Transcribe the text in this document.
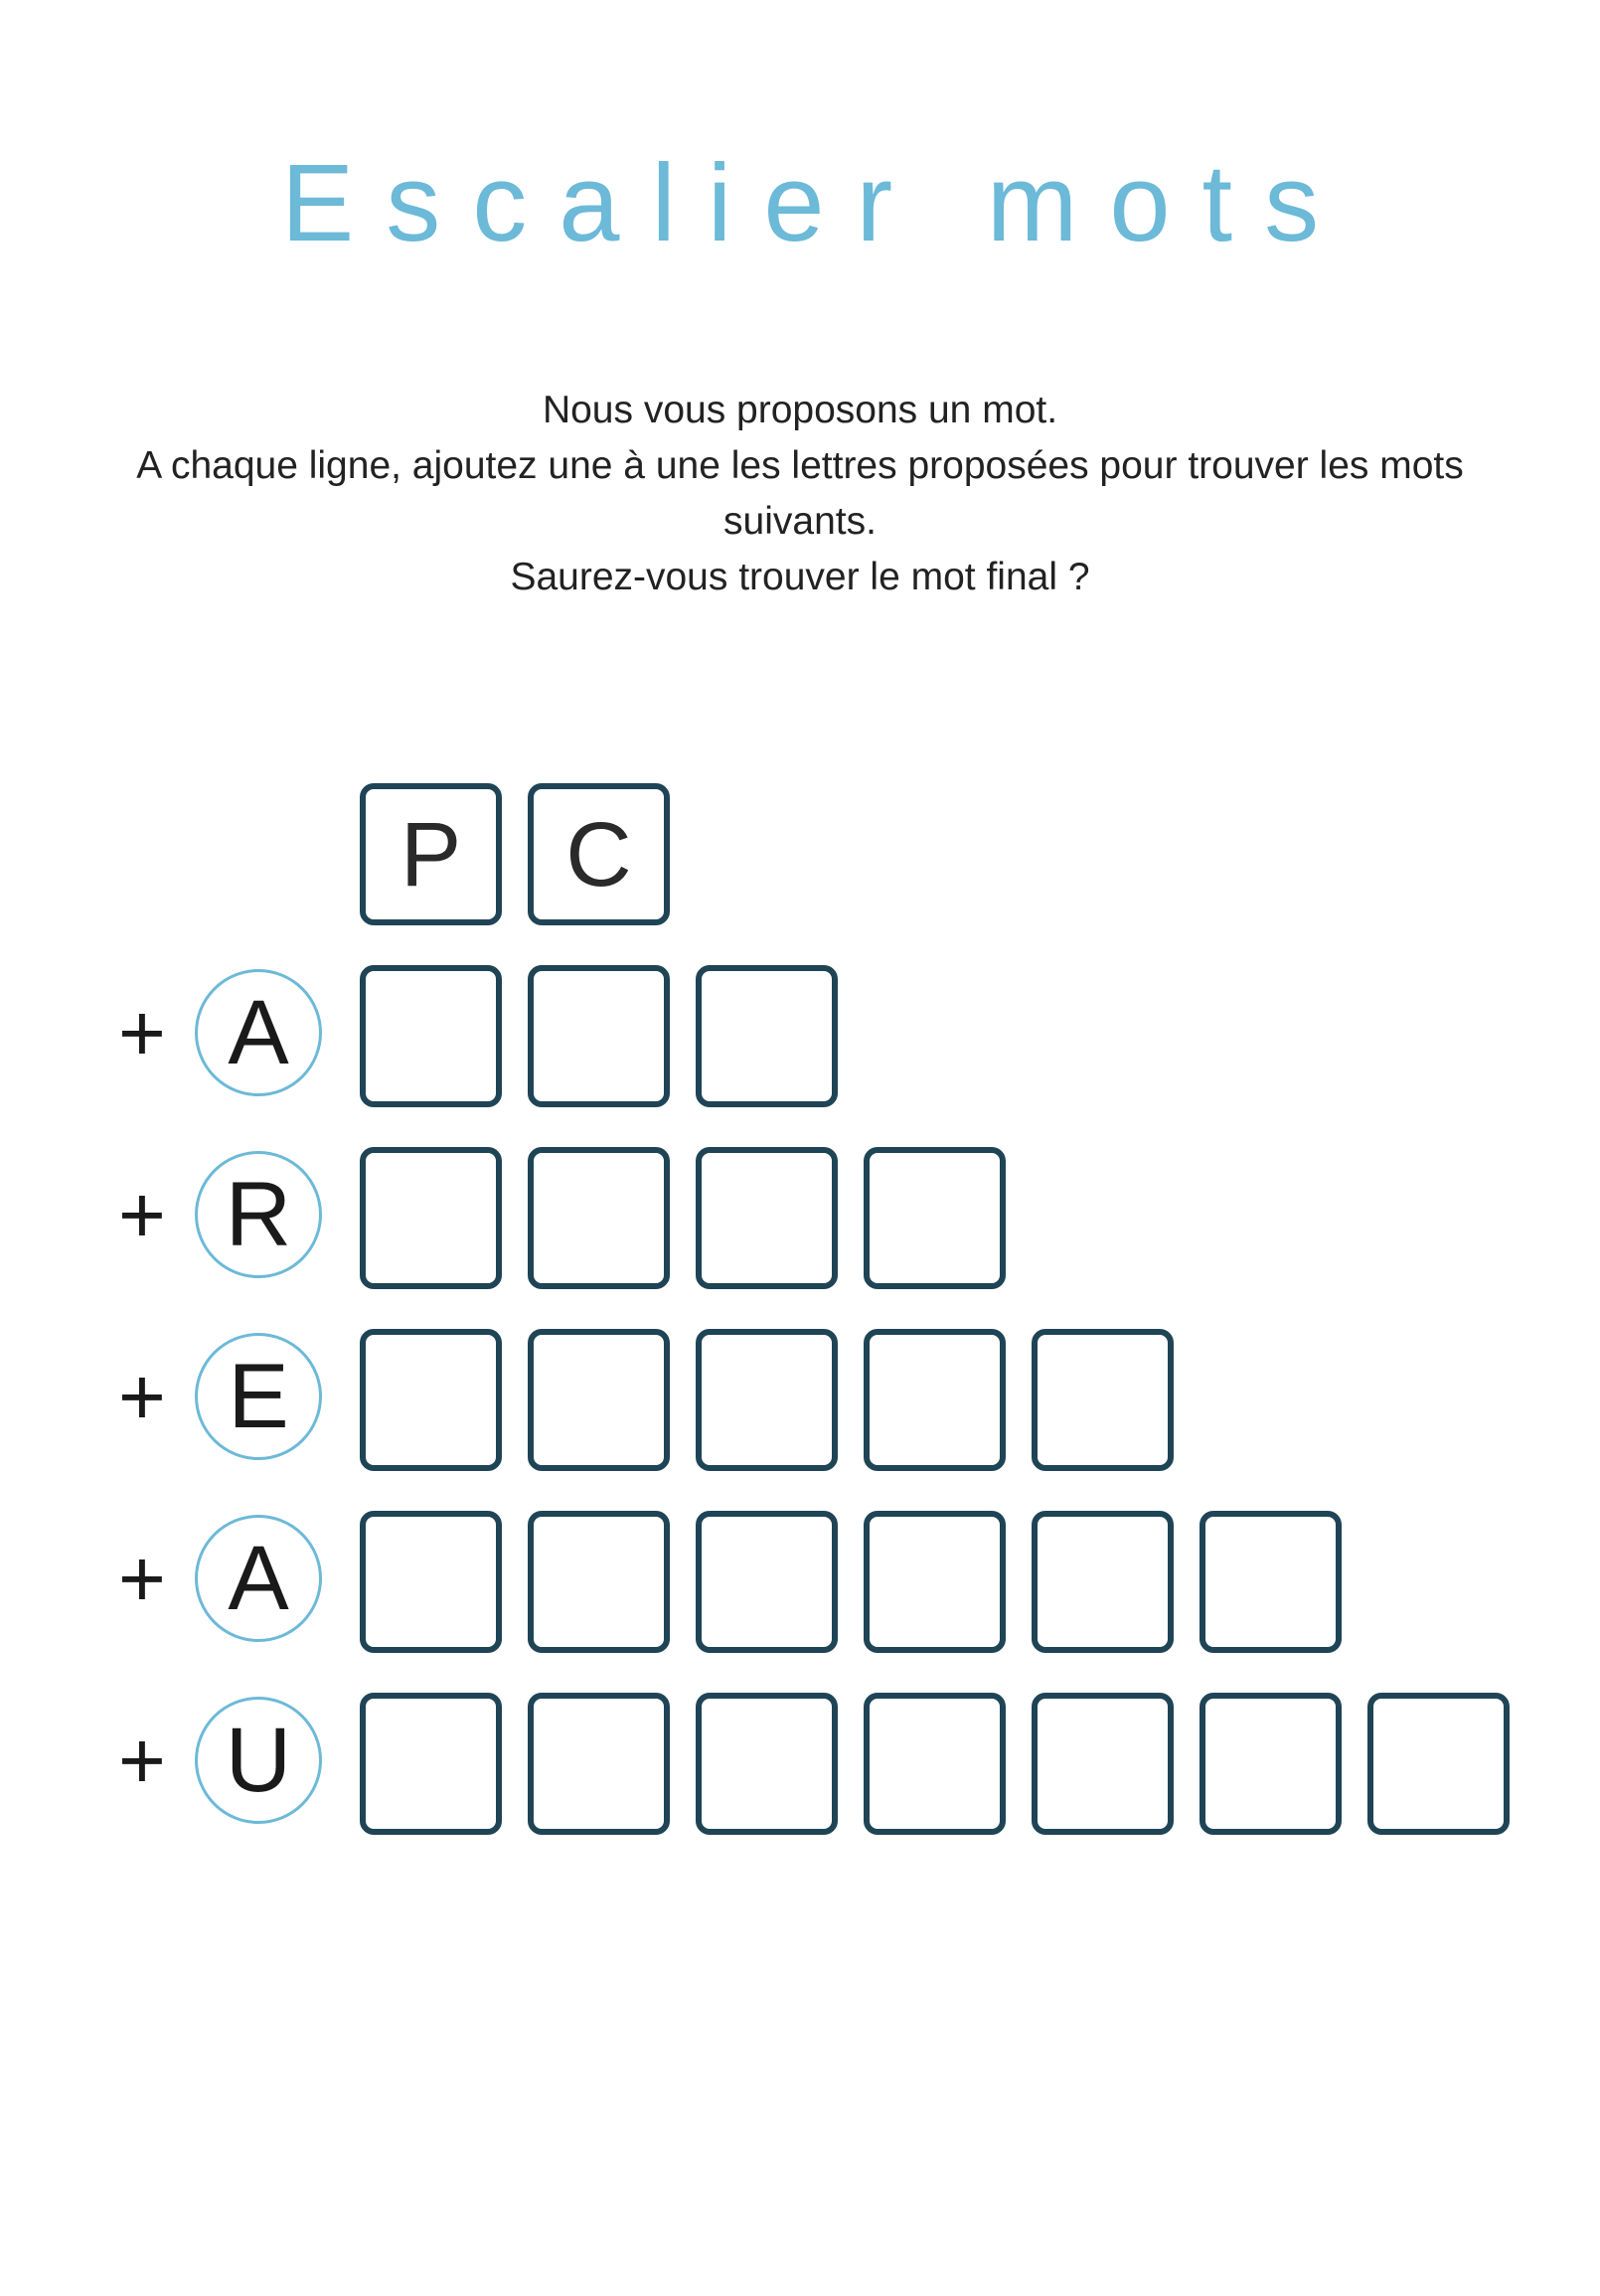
Escalier mots
Nous vous proposons un mot.
A chaque ligne, ajoutez une à une les lettres proposées pour trouver les mots
suivants.
Saurez-vous trouver le mot final ?
P	C
+ A
+ R
+ E
+ A
+ U
